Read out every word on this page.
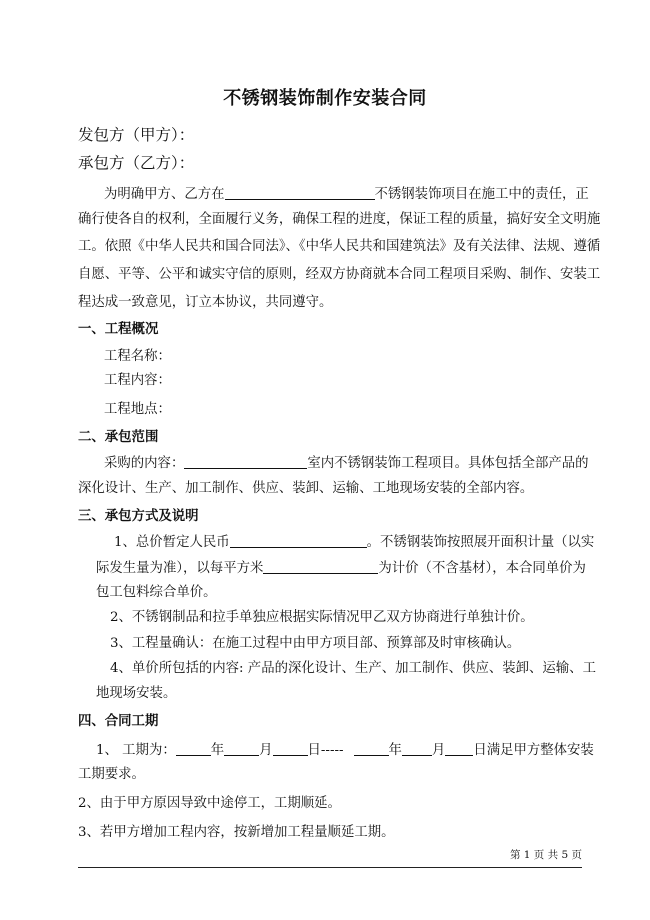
不锈钢装饰制作安装合同
发包方（甲方）：
承包方（乙方）：
为明确甲方、乙方在	不锈钢装饰项目在施工中的责任，正
确行使各自的权利，全面履行义务，确保工程的进度，保证工程的质量，搞好安全文明施
工。依照《中华人民共和国合同法》、《中华人民共和国建筑法》及有关法律、法规、遵循
自愿、平等、公平和诚实守信的原则，经双方协商就本合同工程项目采购、制作、安装工
程达成一致意见，订立本协议，共同遵守。
一、工程概况
工程名称：
工程内容：
工程地点：
二、承包范围
采购的内容：	室内不锈钢装饰工程项目。具体包括全部产品的
深化设计、生产、加工制作、供应、装卸、运输、工地现场安装的全部内容。
三、承包方式及说明
1、总价暂定人民币	。不锈钢装饰按照展开面积计量（以实
际发生量为准），以每平方米	为计价（不含基材），本合同单价为
包工包料综合单价。
2、不锈钢制品和拉手单独应根据实际情况甲乙双方协商进行单独计价。
3、工程量确认：在施工过程中由甲方项目部、预算部及时审核确认。
4、单价所包括的内容: 产品的深化设计、生产、加工制作、供应、装卸、运输、工
地现场安装。
四、合同工期
1、 工期为：	年	月	日-----	年 月 日满足甲方整体安装
工期要求。
2、由于甲方原因导致中途停工，工期顺延。
3、若甲方增加工程内容，按新增加工程量顺延工期。
第 1 页 共 5 页
